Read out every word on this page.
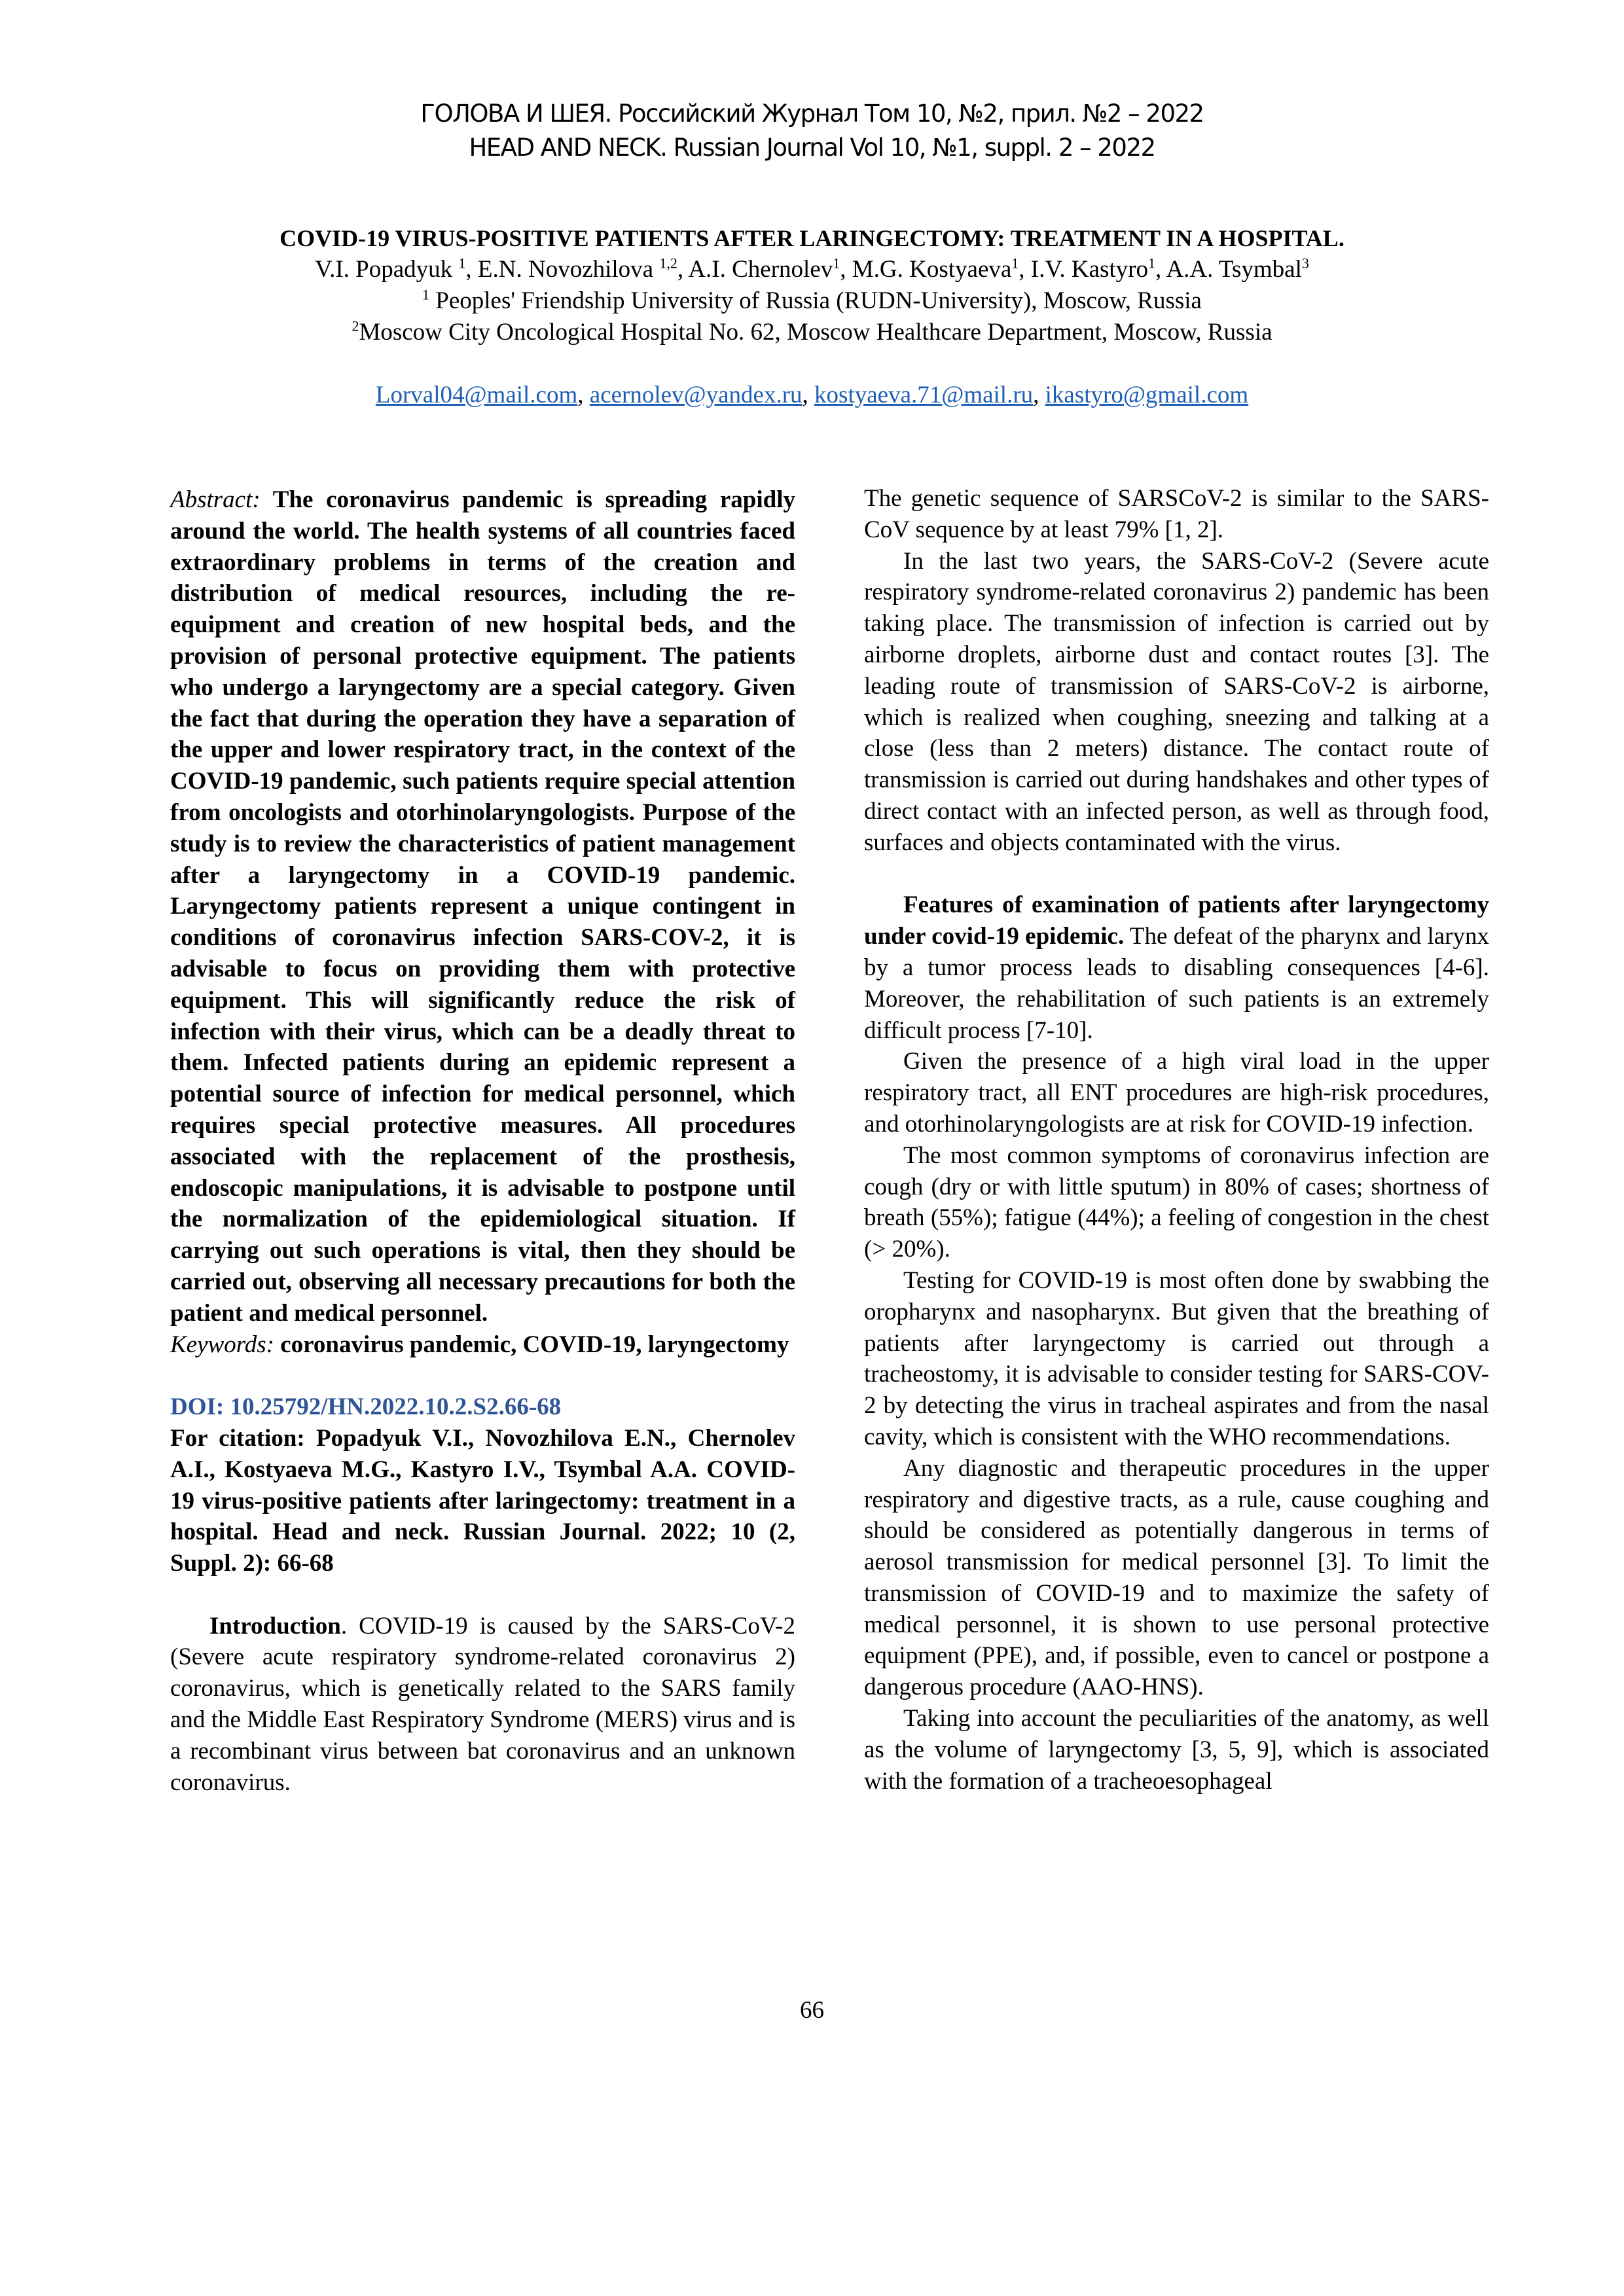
ГОЛОВА И ШЕЯ. Российский Журнал Том 10, №2, прил. №2 – 2022
HEAD AND NECK. Russian Journal Vol 10, №1, suppl. 2 – 2022
COVID-19 VIRUS-POSITIVE PATIENTS AFTER LARINGECTOMY: TREATMENT IN A HOSPITAL.
V.I. Popadyuk $^1$, E.N. Novozhilova $^{1,2}$, A.I. Chernolev$^1$, M.G. Kostyaeva$^1$, I.V. Kastyro$^1$, A.A. Tsymbal$^3$
$^1$ Peoples' Friendship University of Russia (RUDN-University), Moscow, Russia
$^2$Moscow City Oncological Hospital No. 62, Moscow Healthcare Department, Moscow, Russia
Lorval04@mail.com, acernolev@yandex.ru, kostyaeva.71@mail.ru, ikastyro@gmail.com

Abstract: The coronavirus pandemic is spreading rapidly around the world. The health systems of all countries faced extraordinary problems in terms of the creation and distribution of medical resources, including the re-equipment and creation of new hospital beds, and the provision of personal protective equipment. The patients who undergo a laryngectomy are a special category. Given the fact that during the operation they have a separation of the upper and lower respiratory tract, in the context of the COVID-19 pandemic, such patients require special attention from oncologists and otorhinolaryngologists. Purpose of the study is to review the characteristics of patient management after a laryngectomy in a COVID-19 pandemic. Laryngectomy patients represent a unique contingent in conditions of coronavirus infection SARS-COV-2, it is advisable to focus on providing them with protective equipment. This will significantly reduce the risk of infection with their virus, which can be a deadly threat to them. Infected patients during an epidemic represent a potential source of infection for medical personnel, which requires special protective measures. All procedures associated with the replacement of the prosthesis, endoscopic manipulations, it is advisable to postpone until the normalization of the epidemiological situation. If carrying out such operations is vital, then they should be carried out, observing all necessary precautions for both the patient and medical personnel.

Keywords: coronavirus pandemic, COVID-19, laryngectomy

DOI: 10.25792/HN.2022.10.2.S2.66-68

For citation: Popadyuk V.I., Novozhilova E.N., Chernolev A.I., Kostyaeva M.G., Kastyro I.V., Tsymbal A.A. COVID-19 virus-positive patients after laringectomy: treatment in a hospital. Head and neck. Russian Journal. 2022; 10 (2, Suppl. 2): 66-68

Introduction. COVID-19 is caused by the SARS-CoV-2 (Severe acute respiratory syndrome-related coronavirus 2) coronavirus, which is genetically related to the SARS family and the Middle East Respiratory Syndrome (MERS) virus and is a recombinant virus between bat coronavirus and an unknown coronavirus.

The genetic sequence of SARSCoV-2 is similar to the SARS-CoV sequence by at least 79% [1, 2].

In the last two years, the SARS-CoV-2 (Severe acute respiratory syndrome-related coronavirus 2) pandemic has been taking place. The transmission of infection is carried out by airborne droplets, airborne dust and contact routes [3]. The leading route of transmission of SARS-CoV-2 is airborne, which is realized when coughing, sneezing and talking at a close (less than 2 meters) distance. The contact route of transmission is carried out during handshakes and other types of direct contact with an infected person, as well as through food, surfaces and objects contaminated with the virus.

Features of examination of patients after laryngectomy under covid-19 epidemic. The defeat of the pharynx and larynx by a tumor process leads to disabling consequences [4-6]. Moreover, the rehabilitation of such patients is an extremely difficult process [7-10].

Given the presence of a high viral load in the upper respiratory tract, all ENT procedures are high-risk procedures, and otorhinolaryngologists are at risk for COVID-19 infection.

The most common symptoms of coronavirus infection are cough (dry or with little sputum) in 80% of cases; shortness of breath (55%); fatigue (44%); a feeling of congestion in the chest (> 20%).

Testing for COVID-19 is most often done by swabbing the oropharynx and nasopharynx. But given that the breathing of patients after laryngectomy is carried out through a tracheostomy, it is advisable to consider testing for SARS-COV-2 by detecting the virus in tracheal aspirates and from the nasal cavity, which is consistent with the WHO recommendations.

Any diagnostic and therapeutic procedures in the upper respiratory and digestive tracts, as a rule, cause coughing and should be considered as potentially dangerous in terms of aerosol transmission for medical personnel [3]. To limit the transmission of COVID-19 and to maximize the safety of medical personnel, it is shown to use personal protective equipment (PPE), and, if possible, even to cancel or postpone a dangerous procedure (AAO-HNS).

Taking into account the peculiarities of the anatomy, as well as the volume of laryngectomy [3, 5, 9], which is associated with the formation of a tracheoesophageal

66
